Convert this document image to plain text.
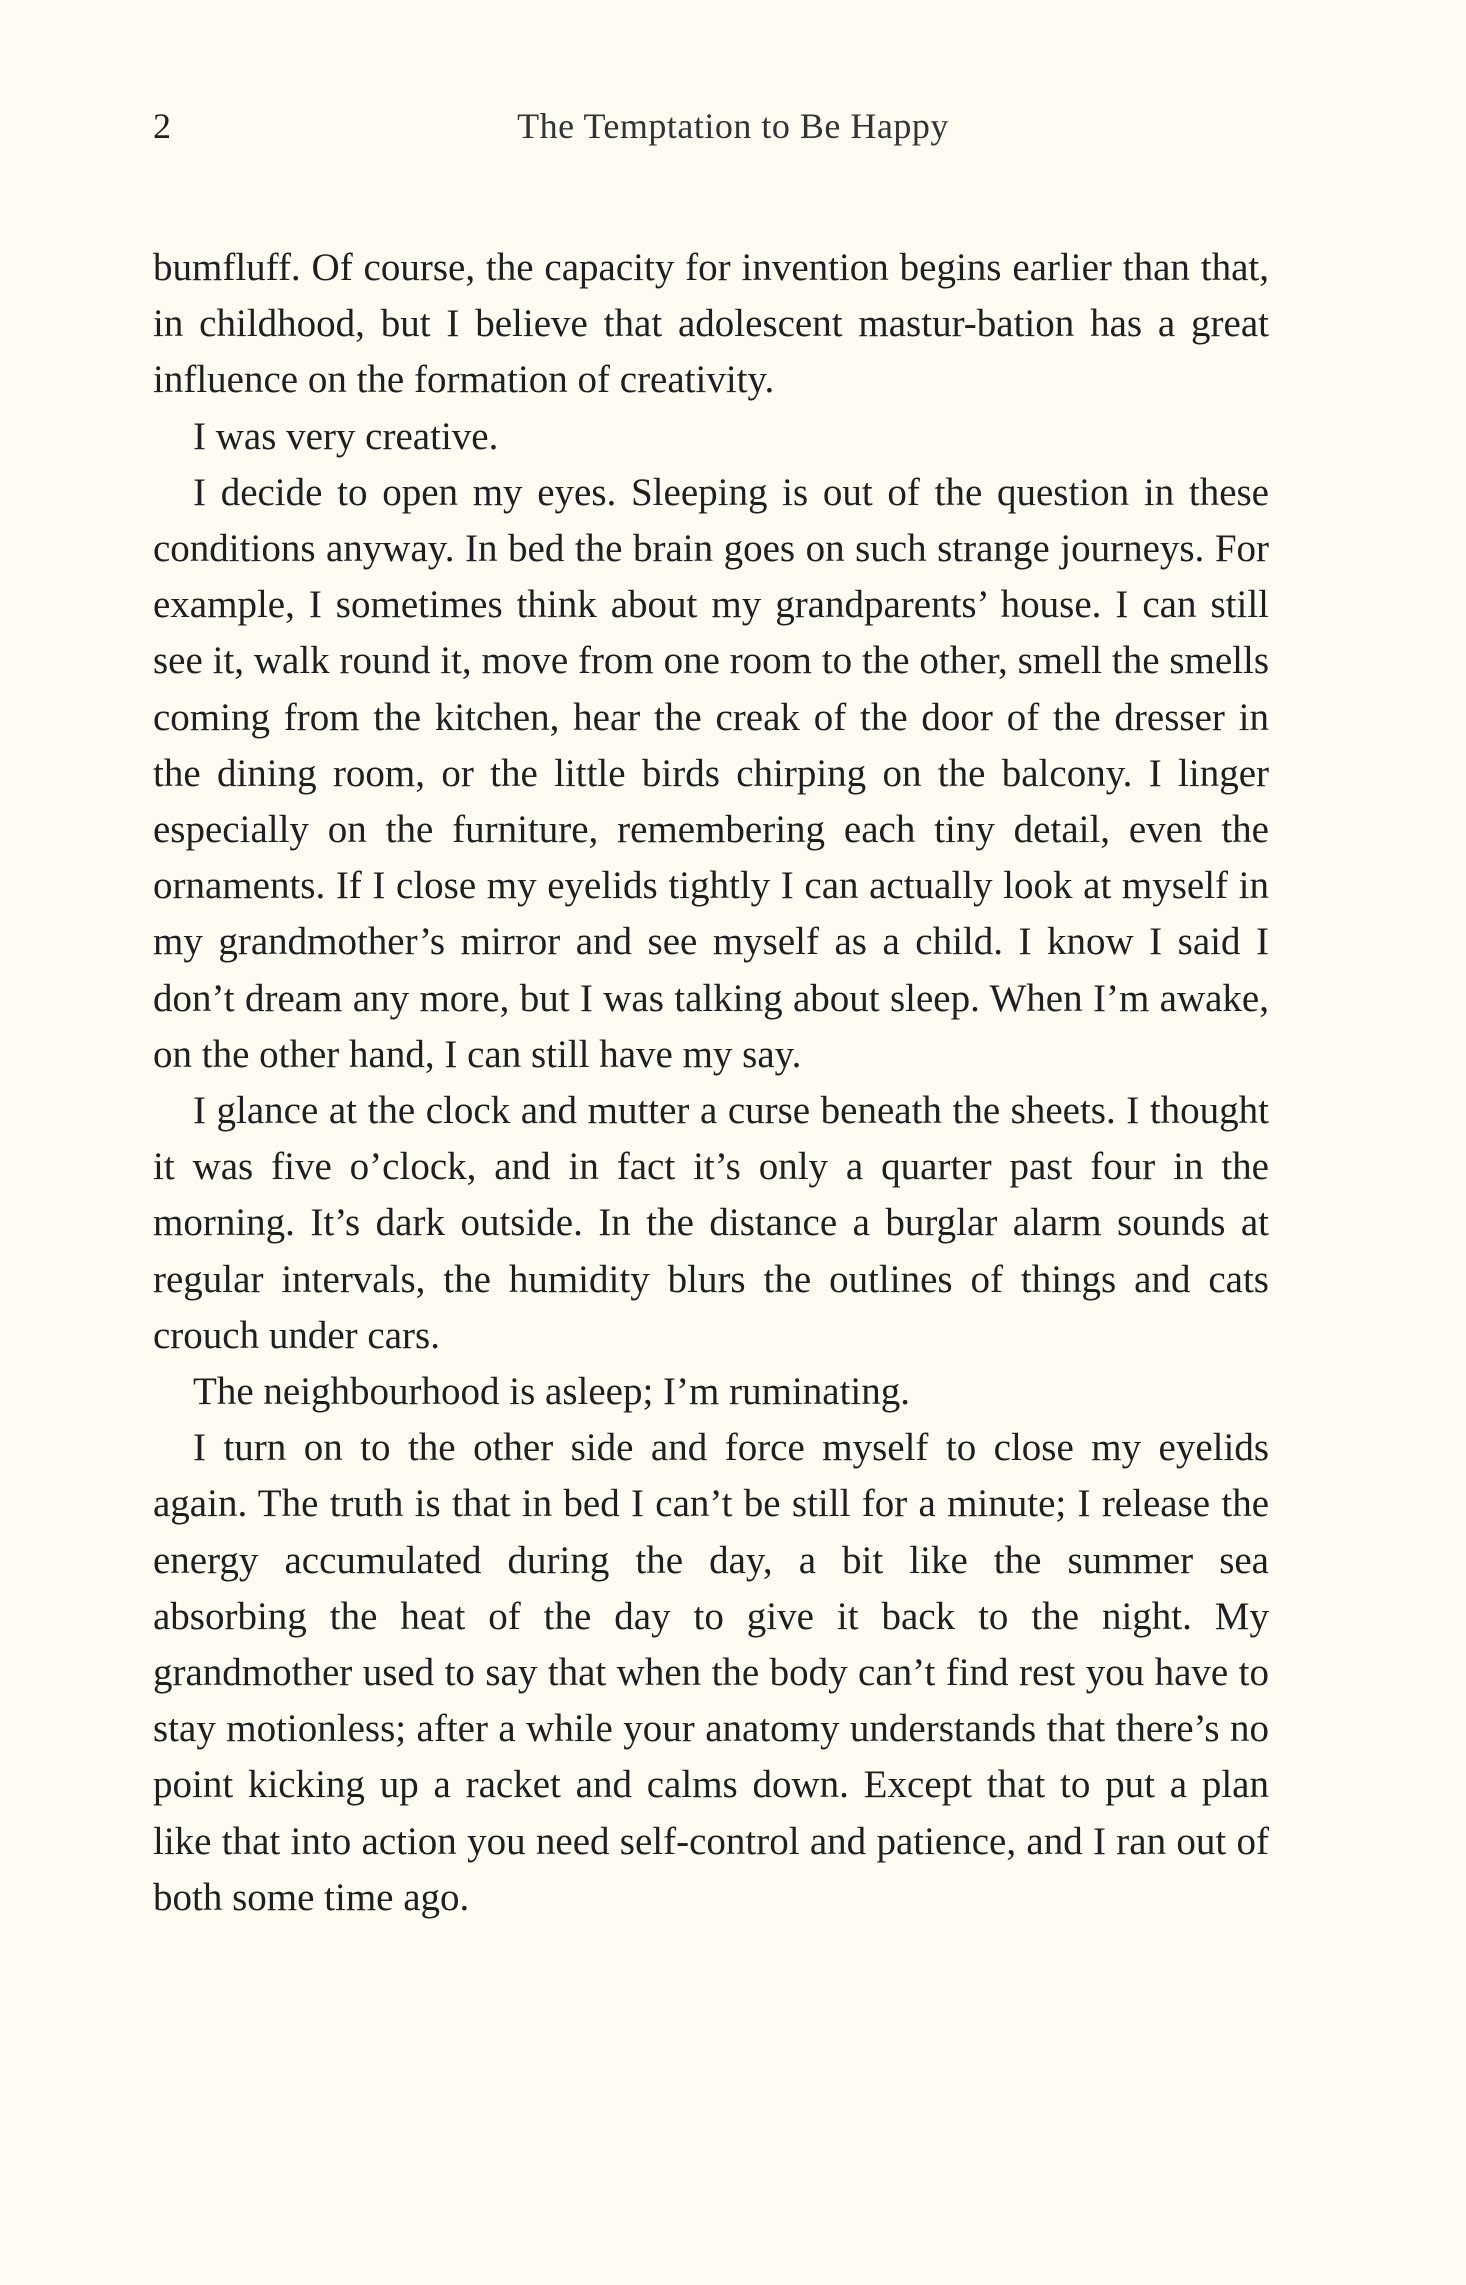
2	The Temptation to Be Happy

bumfluff. Of course, the capacity for invention begins earlier than that, in childhood, but I believe that adolescent mastur-bation has a great influence on the formation of creativity.

I was very creative.

I decide to open my eyes. Sleeping is out of the question in these conditions anyway. In bed the brain goes on such strange journeys. For example, I sometimes think about my grandparents’ house. I can still see it, walk round it, move from one room to the other, smell the smells coming from the kitchen, hear the creak of the door of the dresser in the dining room, or the little birds chirping on the balcony. I linger especially on the furniture, remembering each tiny detail, even the ornaments. If I close my eyelids tightly I can actually look at myself in my grandmother’s mirror and see myself as a child. I know I said I don’t dream any more, but I was talking about sleep. When I’m awake, on the other hand, I can still have my say.

I glance at the clock and mutter a curse beneath the sheets. I thought it was five o’clock, and in fact it’s only a quarter past four in the morning. It’s dark outside. In the distance a burglar alarm sounds at regular intervals, the humidity blurs the outlines of things and cats crouch under cars.

The neighbourhood is asleep; I’m ruminating.

I turn on to the other side and force myself to close my eyelids again. The truth is that in bed I can’t be still for a minute; I release the energy accumulated during the day, a bit like the summer sea absorbing the heat of the day to give it back to the night. My grandmother used to say that when the body can’t find rest you have to stay motionless; after a while your anatomy understands that there’s no point kicking up a racket and calms down. Except that to put a plan like that into action you need self-control and patience, and I ran out of both some time ago.
